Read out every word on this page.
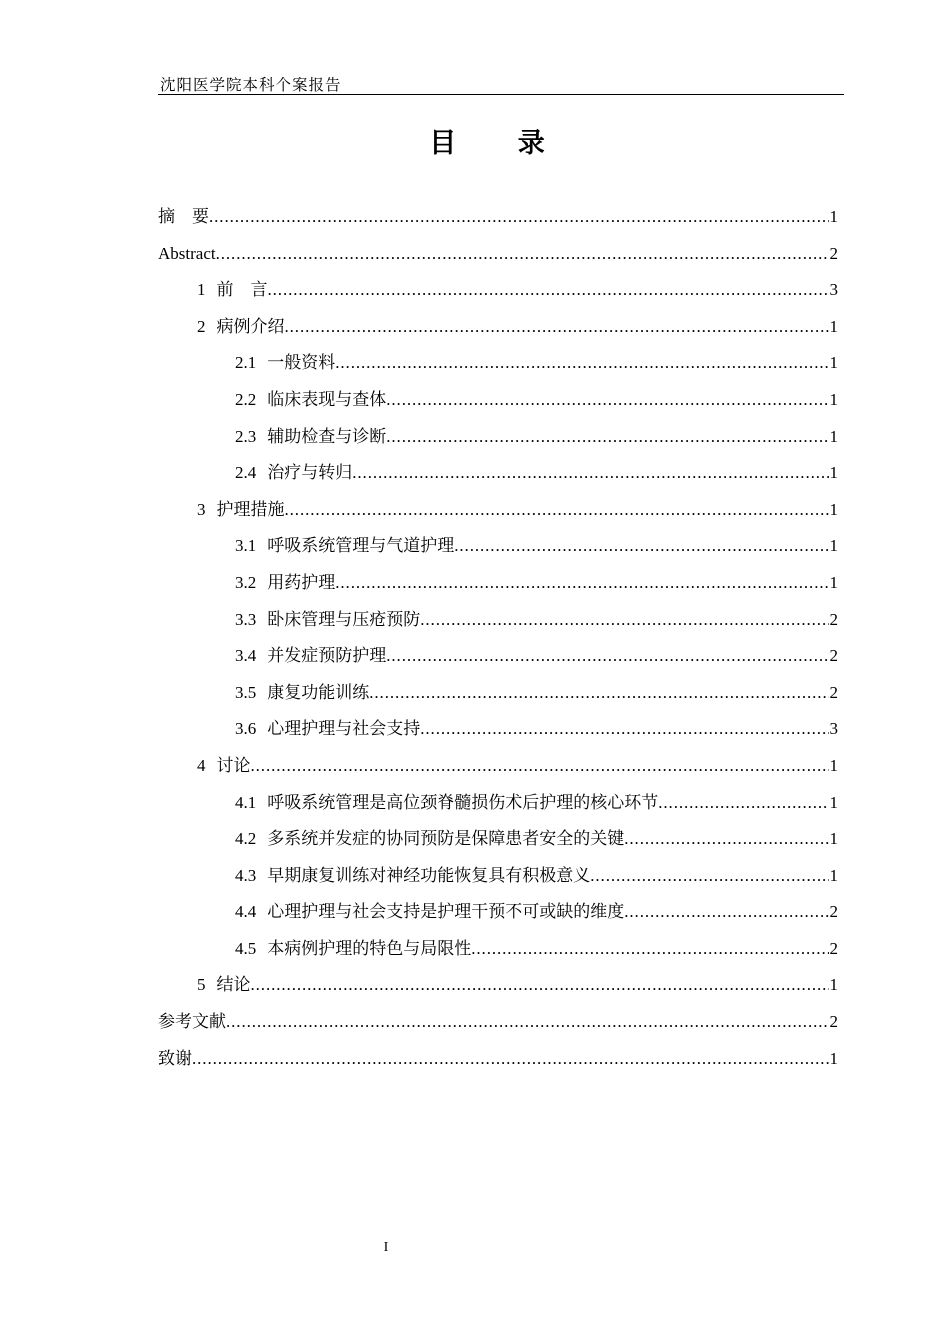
沈阳医学院本科个案报告
目 录
摘　要 .....	1
Abstract .....	2
1 前　言 .....	3
2 病例介绍 .....	1
2.1 一般资料 .....	1
2.2 临床表现与查体 .....	1
2.3 辅助检查与诊断 .....	1
2.4 治疗与转归 .....	1
3 护理措施 .....	1
3.1 呼吸系统管理与气道护理 .....	1
3.2 用药护理 .....	1
3.3 卧床管理与压疮预防 .....	2
3.4 并发症预防护理 .....	2
3.5 康复功能训练 .....	2
3.6 心理护理与社会支持 .....	3
4 讨论 .....	1
4.1 呼吸系统管理是高位颈脊髓损伤术后护理的核心环节 .....	1
4.2 多系统并发症的协同预防是保障患者安全的关键 .....	1
4.3 早期康复训练对神经功能恢复具有积极意义 .....	1
4.4 心理护理与社会支持是护理干预不可或缺的维度 .....	2
4.5 本病例护理的特色与局限性 .....	2
5 结论 .....	1
参考文献 .....	2
致谢 .....	1
I
